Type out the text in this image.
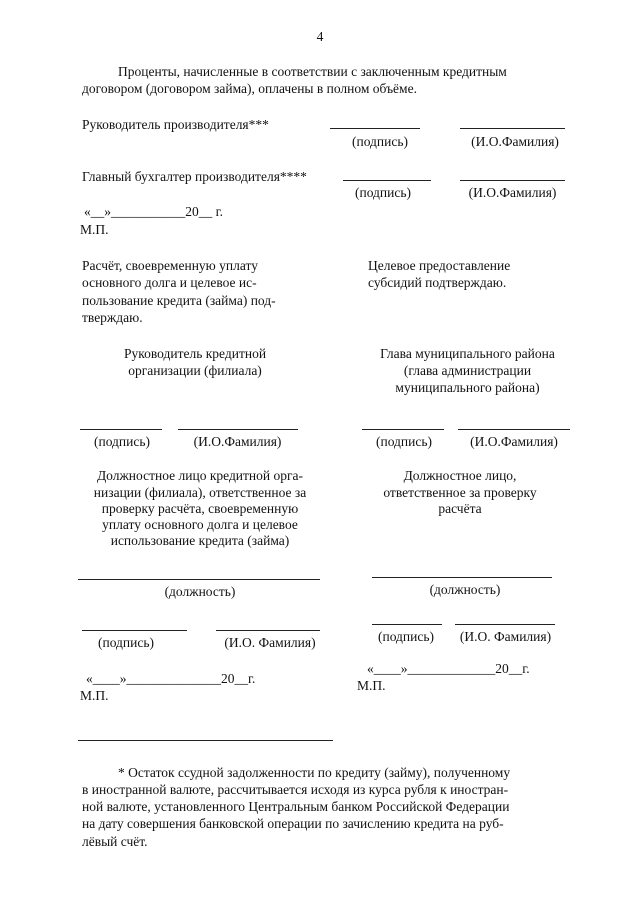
4
Проценты, начисленные в соответствии с заключенным кредитным
договором (договором займа), оплачены в полном объёме.
Руководитель производителя***
(подпись)	(И.О.Фамилия)
Главный бухгалтер производителя****
(подпись)	(И.О.Фамилия)
«__»___________20__ г.
М.П.
Расчёт, своевременную уплату
основного долга и целевое ис-
пользование кредита (займа) под-
тверждаю.
Целевое предоставление
субсидий подтверждаю.
Руководитель кредитной
организации (филиала)
(подпись)	(И.О.Фамилия)
Глава муниципального района
(глава администрации
муниципального района)
(подпись)	(И.О.Фамилия)
Должностное лицо кредитной орга-
низации (филиала), ответственное за
проверку расчёта, своевременную
уплату основного долга и целевое
использование кредита (займа)
(должность)
(подпись)	(И.О. Фамилия)
«____»______________20__г.
М.П.
Должностное лицо,
ответственное за проверку
расчёта
(должность)
(подпись)	(И.О. Фамилия)
«____»_____________20__г.
М.П.
* Остаток ссудной задолженности по кредиту (займу), полученному
в иностранной валюте, рассчитывается исходя из курса рубля к иностран-
ной валюте, установленного Центральным банком Российской Федерации
на дату совершения банковской операции по зачислению кредита на руб-
лёвый счёт.
